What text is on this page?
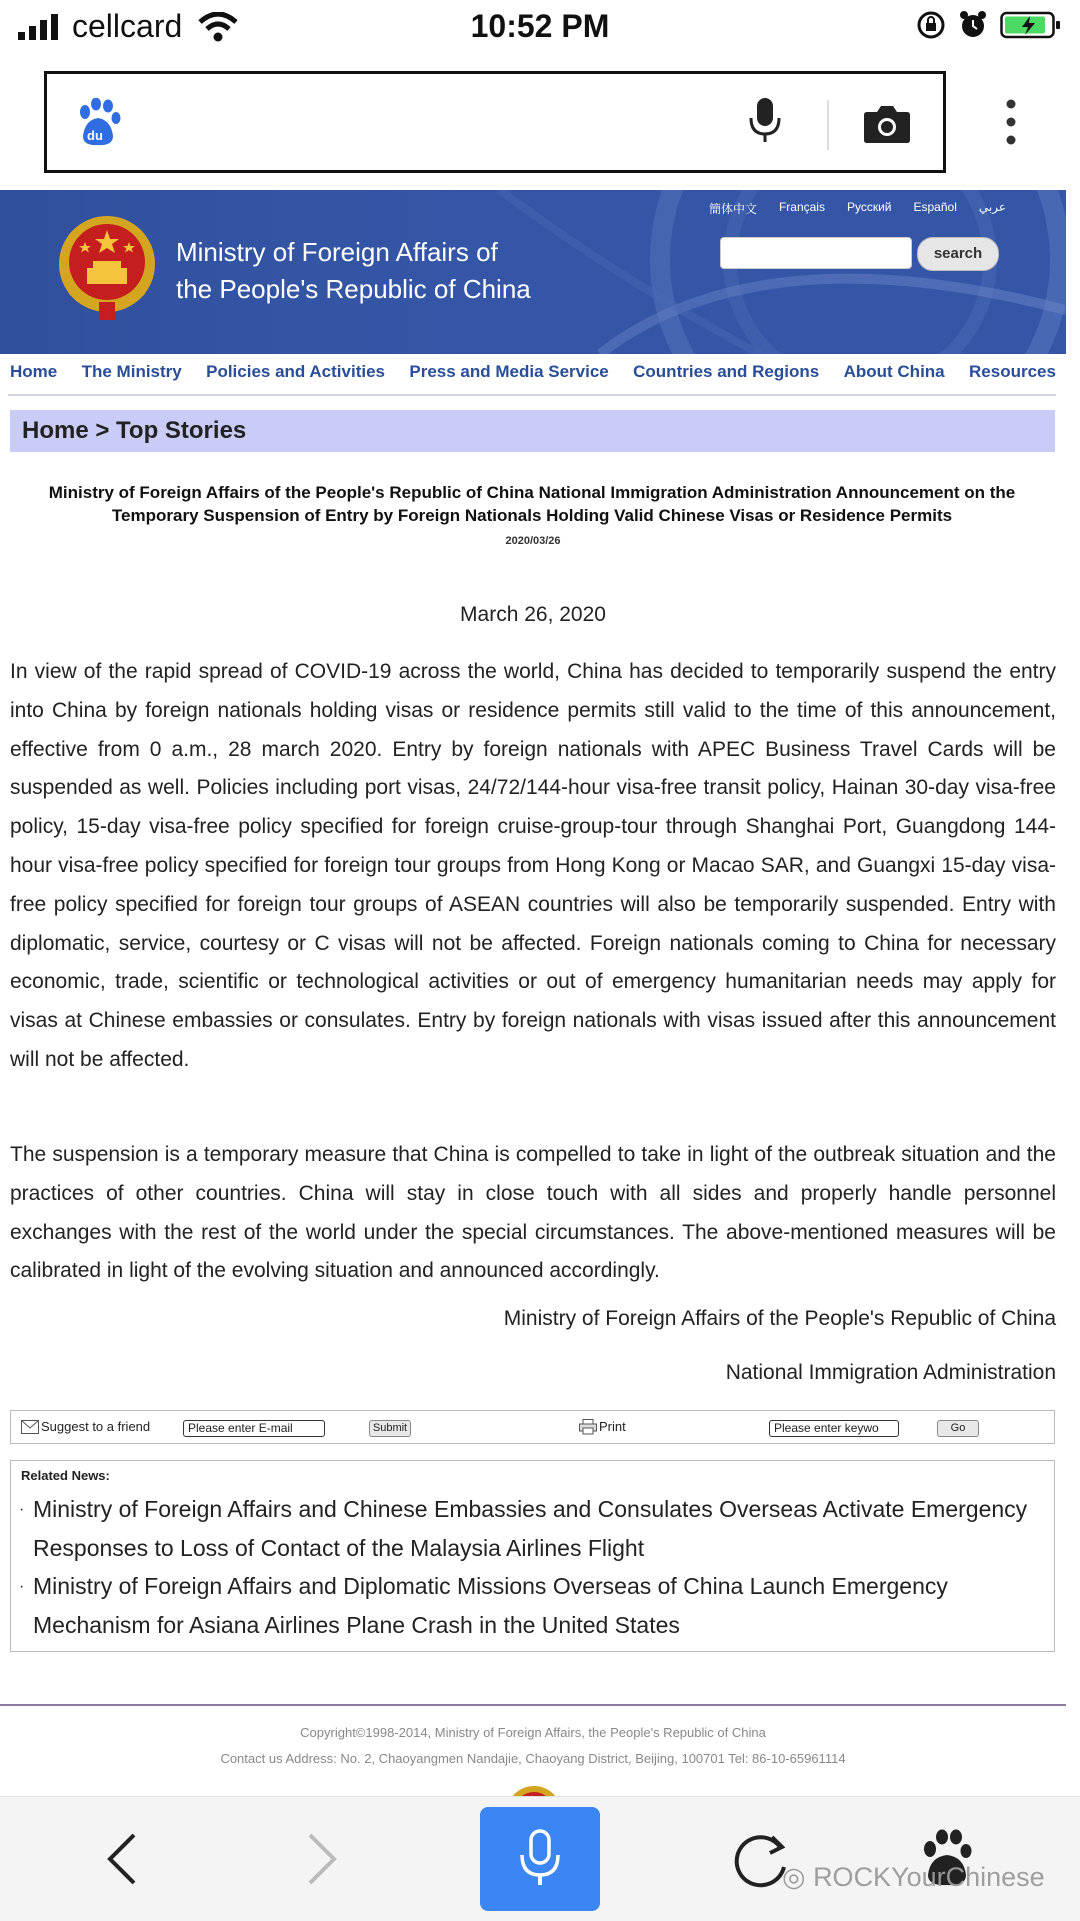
cellcard	10:52 PM
du
Ministry of Foreign Affairs of
the People's Republic of China
簡体中文 Français Русский Español عربي
search
Home The Ministry Policies and Activities Press and Media Service Countries and Regions About China Resources
Home > Top Stories
Ministry of Foreign Affairs of the People's Republic of China National Immigration Administration Announcement on the Temporary Suspension of Entry by Foreign Nationals Holding Valid Chinese Visas or Residence Permits
2020/03/26
March 26, 2020

In view of the rapid spread of COVID-19 across the world, China has decided to temporarily suspend the entry into China by foreign nationals holding visas or residence permits still valid to the time of this announcement, effective from 0 a.m., 28 march 2020. Entry by foreign nationals with APEC Business Travel Cards will be suspended as well. Policies including port visas, 24/72/144-hour visa-free transit policy, Hainan 30-day visa-free policy, 15-day visa-free policy specified for foreign cruise-group-tour through Shanghai Port, Guangdong 144-hour visa-free policy specified for foreign tour groups from Hong Kong or Macao SAR, and Guangxi 15-day visa-free policy specified for foreign tour groups of ASEAN countries will also be temporarily suspended. Entry with diplomatic, service, courtesy or C visas will not be affected. Foreign nationals coming to China for necessary economic, trade, scientific or technological activities or out of emergency humanitarian needs may apply for visas at Chinese embassies or consulates. Entry by foreign nationals with visas issued after this announcement will not be affected.

The suspension is a temporary measure that China is compelled to take in light of the outbreak situation and the practices of other countries. China will stay in close touch with all sides and properly handle personnel exchanges with the rest of the world under the special circumstances. The above-mentioned measures will be calibrated in light of the evolving situation and announced accordingly.

Ministry of Foreign Affairs of the People's Republic of China
National Immigration Administration
Suggest to a friend	Please enter E-mail	Submit	Print	Please enter keywo	Go
Related News:
· Ministry of Foreign Affairs and Chinese Embassies and Consulates Overseas Activate Emergency Responses to Loss of Contact of the Malaysia Airlines Flight
· Ministry of Foreign Affairs and Diplomatic Missions Overseas of China Launch Emergency Mechanism for Asiana Airlines Plane Crash in the United States
Copyright©1998-2014, Ministry of Foreign Affairs, the People's Republic of China
Contact us Address: No. 2, Chaoyangmen Nandajie, Chaoyang District, Beijing, 100701 Tel: 86-10-65961114
◎ ROCKYourChinese
